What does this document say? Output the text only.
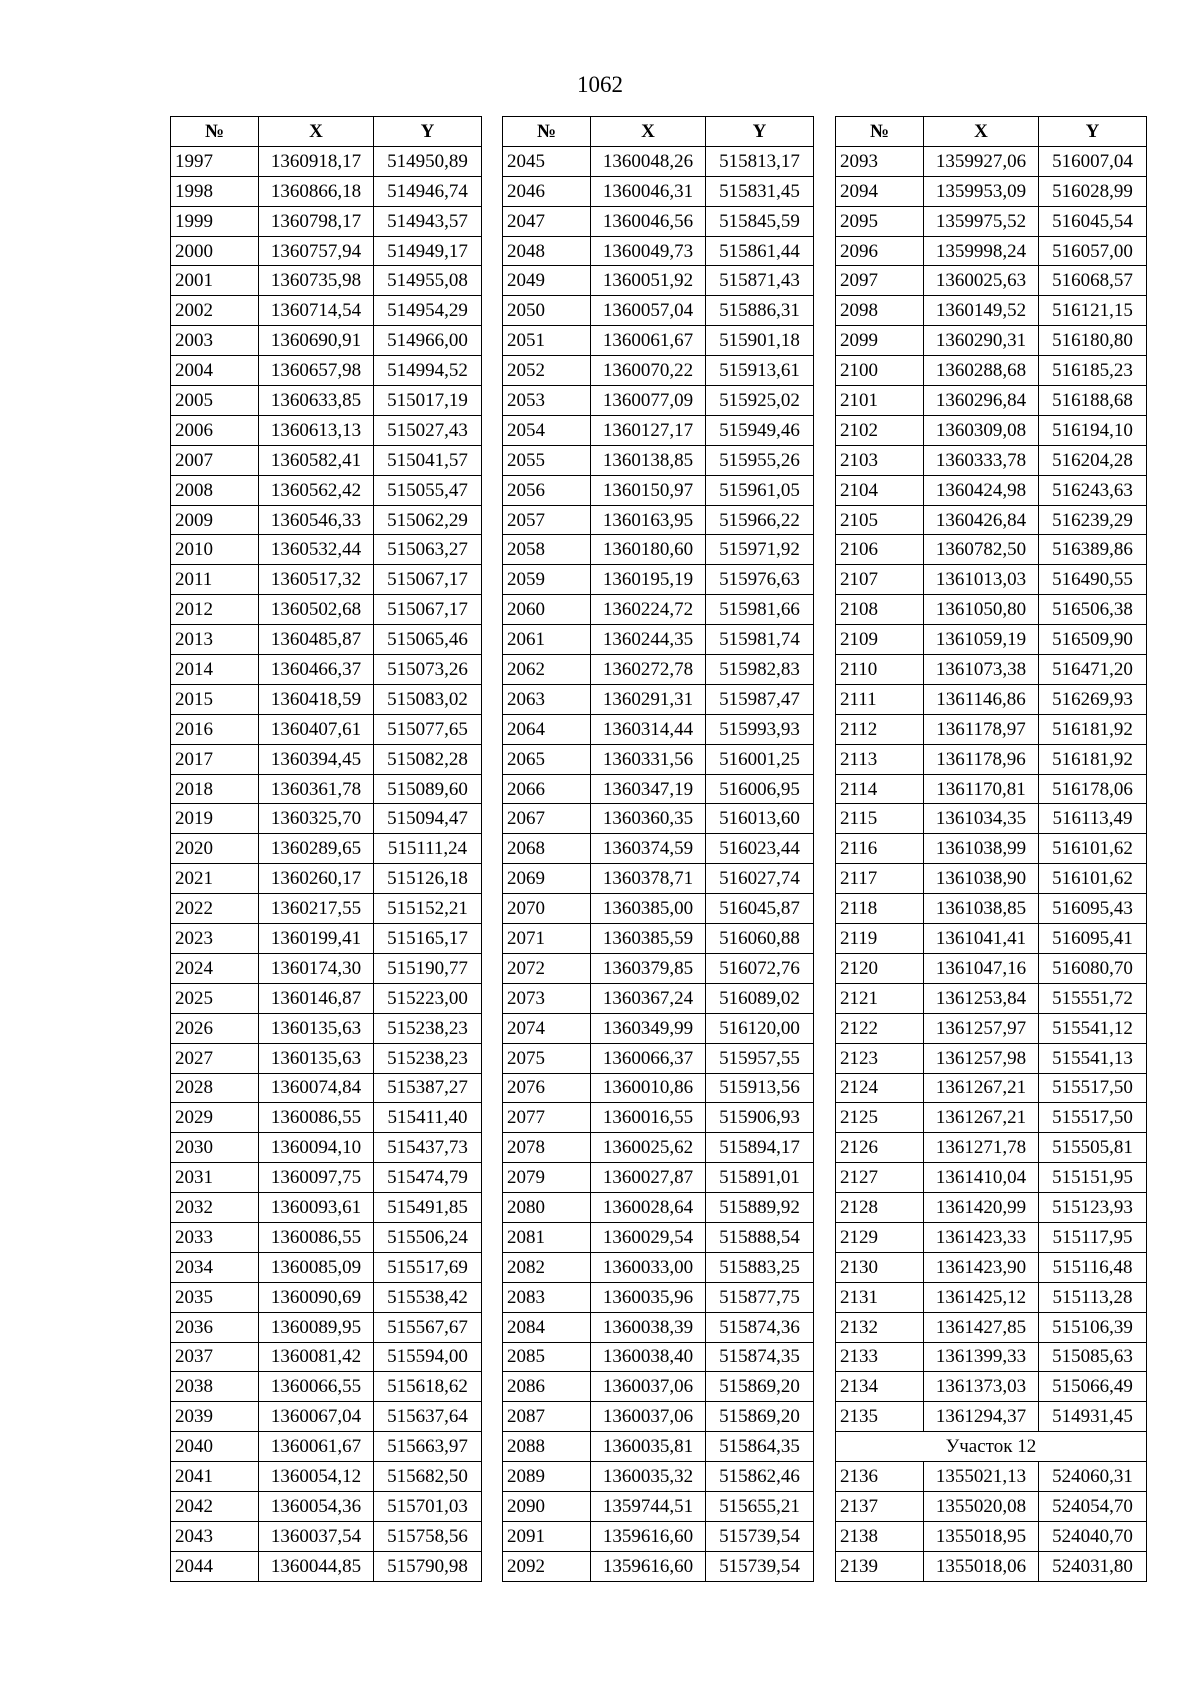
1062
№	X	Y
1997	1360918,17	514950,89
1998	1360866,18	514946,74
1999	1360798,17	514943,57
2000	1360757,94	514949,17
2001	1360735,98	514955,08
2002	1360714,54	514954,29
2003	1360690,91	514966,00
2004	1360657,98	514994,52
2005	1360633,85	515017,19
2006	1360613,13	515027,43
2007	1360582,41	515041,57
2008	1360562,42	515055,47
2009	1360546,33	515062,29
2010	1360532,44	515063,27
2011	1360517,32	515067,17
2012	1360502,68	515067,17
2013	1360485,87	515065,46
2014	1360466,37	515073,26
2015	1360418,59	515083,02
2016	1360407,61	515077,65
2017	1360394,45	515082,28
2018	1360361,78	515089,60
2019	1360325,70	515094,47
2020	1360289,65	515111,24
2021	1360260,17	515126,18
2022	1360217,55	515152,21
2023	1360199,41	515165,17
2024	1360174,30	515190,77
2025	1360146,87	515223,00
2026	1360135,63	515238,23
2027	1360135,63	515238,23
2028	1360074,84	515387,27
2029	1360086,55	515411,40
2030	1360094,10	515437,73
2031	1360097,75	515474,79
2032	1360093,61	515491,85
2033	1360086,55	515506,24
2034	1360085,09	515517,69
2035	1360090,69	515538,42
2036	1360089,95	515567,67
2037	1360081,42	515594,00
2038	1360066,55	515618,62
2039	1360067,04	515637,64
2040	1360061,67	515663,97
2041	1360054,12	515682,50
2042	1360054,36	515701,03
2043	1360037,54	515758,56
2044	1360044,85	515790,98
№	X	Y
2045	1360048,26	515813,17
2046	1360046,31	515831,45
2047	1360046,56	515845,59
2048	1360049,73	515861,44
2049	1360051,92	515871,43
2050	1360057,04	515886,31
2051	1360061,67	515901,18
2052	1360070,22	515913,61
2053	1360077,09	515925,02
2054	1360127,17	515949,46
2055	1360138,85	515955,26
2056	1360150,97	515961,05
2057	1360163,95	515966,22
2058	1360180,60	515971,92
2059	1360195,19	515976,63
2060	1360224,72	515981,66
2061	1360244,35	515981,74
2062	1360272,78	515982,83
2063	1360291,31	515987,47
2064	1360314,44	515993,93
2065	1360331,56	516001,25
2066	1360347,19	516006,95
2067	1360360,35	516013,60
2068	1360374,59	516023,44
2069	1360378,71	516027,74
2070	1360385,00	516045,87
2071	1360385,59	516060,88
2072	1360379,85	516072,76
2073	1360367,24	516089,02
2074	1360349,99	516120,00
2075	1360066,37	515957,55
2076	1360010,86	515913,56
2077	1360016,55	515906,93
2078	1360025,62	515894,17
2079	1360027,87	515891,01
2080	1360028,64	515889,92
2081	1360029,54	515888,54
2082	1360033,00	515883,25
2083	1360035,96	515877,75
2084	1360038,39	515874,36
2085	1360038,40	515874,35
2086	1360037,06	515869,20
2087	1360037,06	515869,20
2088	1360035,81	515864,35
2089	1360035,32	515862,46
2090	1359744,51	515655,21
2091	1359616,60	515739,54
2092	1359616,60	515739,54
№	X	Y
2093	1359927,06	516007,04
2094	1359953,09	516028,99
2095	1359975,52	516045,54
2096	1359998,24	516057,00
2097	1360025,63	516068,57
2098	1360149,52	516121,15
2099	1360290,31	516180,80
2100	1360288,68	516185,23
2101	1360296,84	516188,68
2102	1360309,08	516194,10
2103	1360333,78	516204,28
2104	1360424,98	516243,63
2105	1360426,84	516239,29
2106	1360782,50	516389,86
2107	1361013,03	516490,55
2108	1361050,80	516506,38
2109	1361059,19	516509,90
2110	1361073,38	516471,20
2111	1361146,86	516269,93
2112	1361178,97	516181,92
2113	1361178,96	516181,92
2114	1361170,81	516178,06
2115	1361034,35	516113,49
2116	1361038,99	516101,62
2117	1361038,90	516101,62
2118	1361038,85	516095,43
2119	1361041,41	516095,41
2120	1361047,16	516080,70
2121	1361253,84	515551,72
2122	1361257,97	515541,12
2123	1361257,98	515541,13
2124	1361267,21	515517,50
2125	1361267,21	515517,50
2126	1361271,78	515505,81
2127	1361410,04	515151,95
2128	1361420,99	515123,93
2129	1361423,33	515117,95
2130	1361423,90	515116,48
2131	1361425,12	515113,28
2132	1361427,85	515106,39
2133	1361399,33	515085,63
2134	1361373,03	515066,49
2135	1361294,37	514931,45
Участок 12		
2136	1355021,13	524060,31
2137	1355020,08	524054,70
2138	1355018,95	524040,70
2139	1355018,06	524031,80
